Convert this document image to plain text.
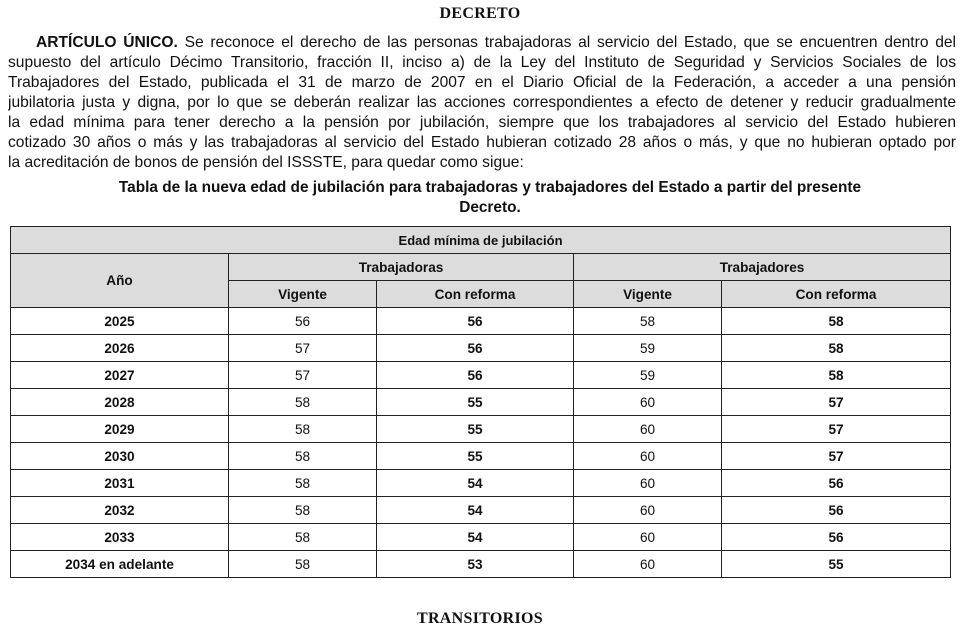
DECRETO
ARTÍCULO ÚNICO. Se reconoce el derecho de las personas trabajadoras al servicio del Estado, que se encuentren dentro del
supuesto del artículo Décimo Transitorio, fracción II, inciso a) de la Ley del Instituto de Seguridad y Servicios Sociales de los
Trabajadores del Estado, publicada el 31 de marzo de 2007 en el Diario Oficial de la Federación, a acceder a una pensión
jubilatoria justa y digna, por lo que se deberán realizar las acciones correspondientes a efecto de detener y reducir gradualmente
la edad mínima para tener derecho a la pensión por jubilación, siempre que los trabajadores al servicio del Estado hubieren
cotizado 30 años o más y las trabajadoras al servicio del Estado hubieran cotizado 28 años o más, y que no hubieran optado por
la acreditación de bonos de pensión del ISSSTE, para quedar como sigue:
Tabla de la nueva edad de jubilación para trabajadoras y trabajadores del Estado a partir del presente
Decreto.
Edad mínima de jubilación				
Año	Trabajadoras		Trabajadores	
	Vigente	Con reforma	Vigente	Con reforma
2025	56	56	58	58
2026	57	56	59	58
2027	57	56	59	58
2028	58	55	60	57
2029	58	55	60	57
2030	58	55	60	57
2031	58	54	60	56
2032	58	54	60	56
2033	58	54	60	56
2034 en adelante	58	53	60	55
TRANSITORIOS
